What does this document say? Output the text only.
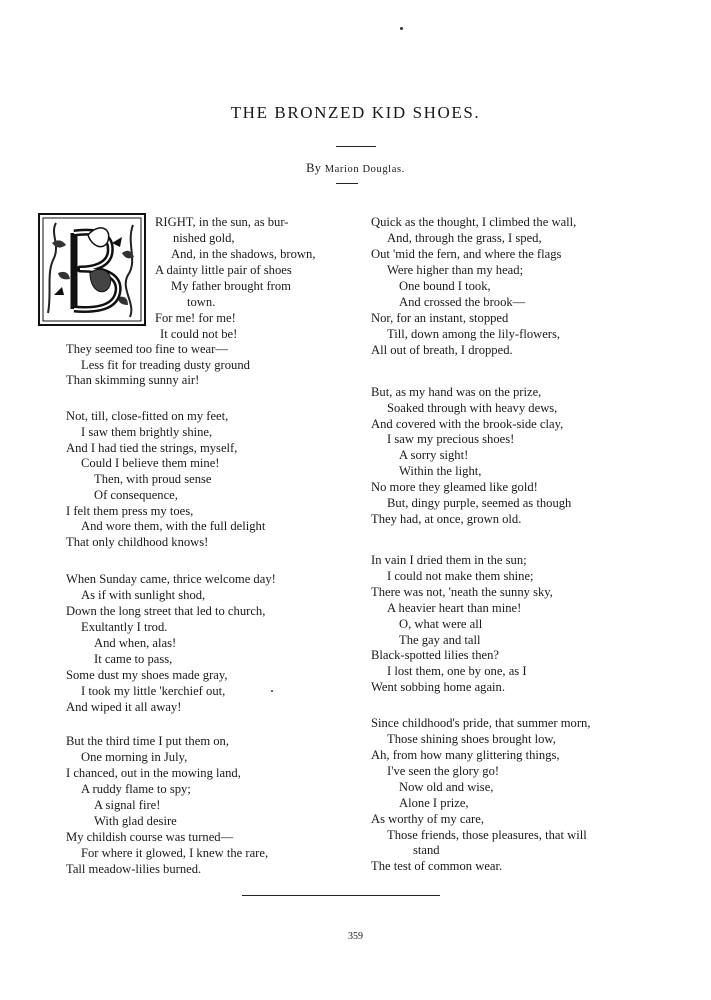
THE BRONZED KID SHOES.
By Marion Douglas.
RIGHT, in the sun, as bur-
nished gold,
And, in the shadows, brown,
A dainty little pair of shoes
My father brought from
town.
For me! for me!
It could not be!
They seemed too fine to wear—
Less fit for treading dusty ground
Than skimming sunny air!
Not, till, close-fitted on my feet,
I saw them brightly shine,
And I had tied the strings, myself,
Could I believe them mine!
Then, with proud sense
Of consequence,
I felt them press my toes,
And wore them, with the full delight
That only childhood knows!
When Sunday came, thrice welcome day!
As if with sunlight shod,
Down the long street that led to church,
Exultantly I trod.
And when, alas!
It came to pass,
Some dust my shoes made gray,
I took my little 'kerchief out,
And wiped it all away!
But the third time I put them on,
One morning in July,
I chanced, out in the mowing land,
A ruddy flame to spy;
A signal fire!
With glad desire
My childish course was turned—
For where it glowed, I knew the rare,
Tall meadow-lilies burned.
Quick as the thought, I climbed the wall,
And, through the grass, I sped,
Out 'mid the fern, and where the flags
Were higher than my head;
One bound I took,
And crossed the brook—
Nor, for an instant, stopped
Till, down among the lily-flowers,
All out of breath, I dropped.
But, as my hand was on the prize,
Soaked through with heavy dews,
And covered with the brook-side clay,
I saw my precious shoes!
A sorry sight!
Within the light,
No more they gleamed like gold!
But, dingy purple, seemed as though
They had, at once, grown old.
In vain I dried them in the sun;
I could not make them shine;
There was not, 'neath the sunny sky,
A heavier heart than mine!
O, what were all
The gay and tall
Black-spotted lilies then?
I lost them, one by one, as I
Went sobbing home again.
Since childhood's pride, that summer morn,
Those shining shoes brought low,
Ah, from how many glittering things,
I've seen the glory go!
Now old and wise,
Alone I prize,
As worthy of my care,
Those friends, those pleasures, that will
stand
The test of common wear.
359
